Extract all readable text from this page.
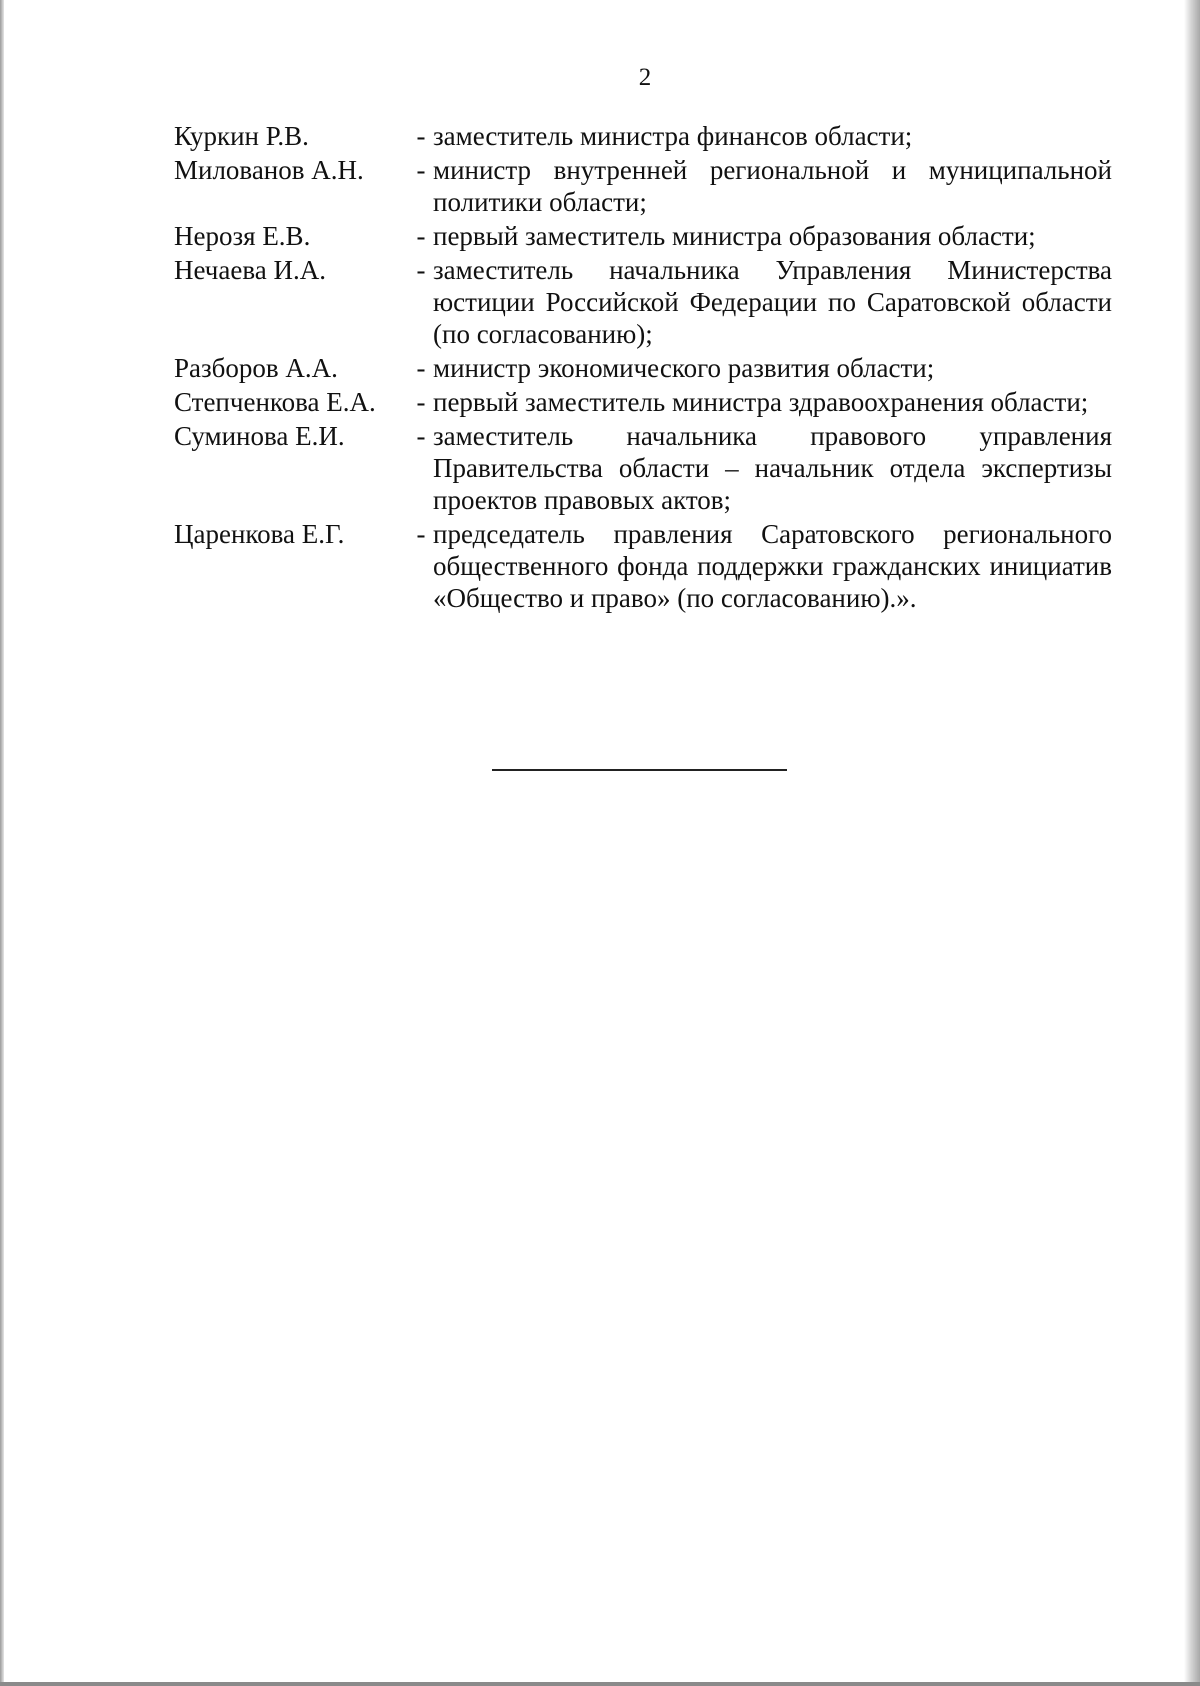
2
Куркин Р.В.	- заместитель министра финансов области;
Милованов А.Н.	- министр внутренней региональной и муниципальной политики области;
Нерозя Е.В.	- первый заместитель министра образования области;
Нечаева И.А.	- заместитель начальника Управления Министерства юстиции Российской Федерации по Саратовской области (по согласованию);
Разборов А.А.	- министр экономического развития области;
Степченкова Е.А.	- первый заместитель министра здравоохранения области;
Суминова Е.И.	- заместитель начальника правового управления Правительства области – начальник отдела экспертизы проектов правовых актов;
Царенкова Е.Г.	- председатель правления Саратовского регионального общественного фонда поддержки гражданских инициатив «Общество и право» (по согласованию).».
